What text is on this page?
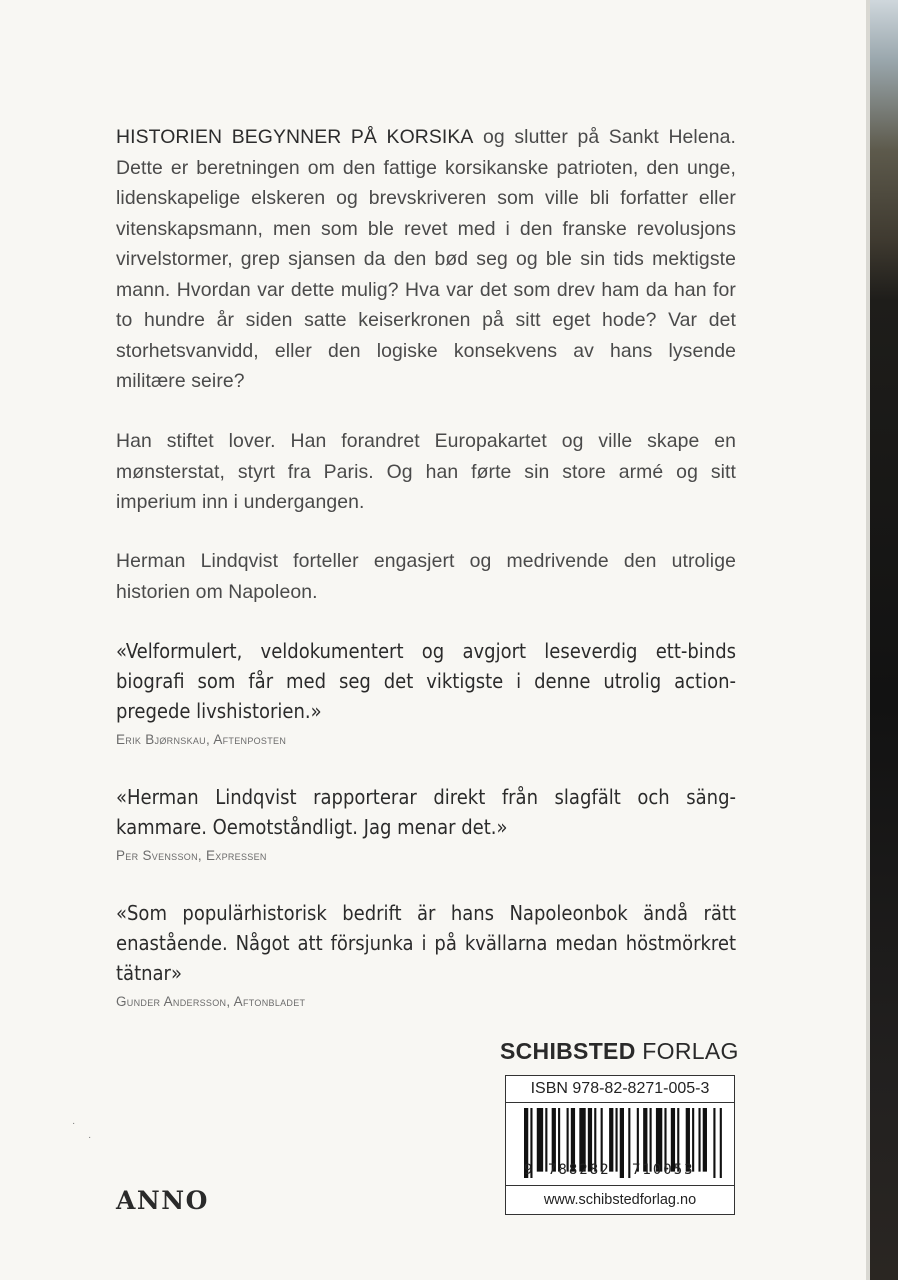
HISTORIEN BEGYNNER PÅ KORSIKA og slutter på Sankt Helena. Dette er beretningen om den fattige korsikanske patrioten, den unge, lidenskapelige elskeren og brevskriveren som ville bli forfatter eller vitenskapsmann, men som ble revet med i den franske revolusjons virvelstormer, grep sjansen da den bød seg og ble sin tids mektigste mann. Hvordan var dette mulig? Hva var det som drev ham da han for to hundre år siden satte keiserkronen på sitt eget hode? Var det storhetsvanvidd, eller den logiske konsekvens av hans lysende militære seire?
Han stiftet lover. Han forandret Europakartet og ville skape en mønsterstat, styrt fra Paris. Og han førte sin store armé og sitt imperium inn i undergangen.
Herman Lindqvist forteller engasjert og medrivende den utrolige historien om Napoleon.
«Velformulert, veldokumentert og avgjort leseverdig ett-binds biografi som får med seg det viktigste i denne utrolig action-pregede livshistorien.»
Erik Bjørnskau, Aftenposten
«Herman Lindqvist rapporterar direkt från slagfält och säng-kammare. Oemotståndligt. Jag menar det.»
Per Svensson, Expressen
«Som populärhistorisk bedrift är hans Napoleonbok ändå rätt enastående. Något att försjunka i på kvällarna medan höstmörkret tätnar»
Gunder Andersson, Aftonbladet
SCHIBSTED FORLAG
ISBN 978-82-8271-005-3
9 788282 710053
www.schibstedforlag.no
ANNO
·
·
